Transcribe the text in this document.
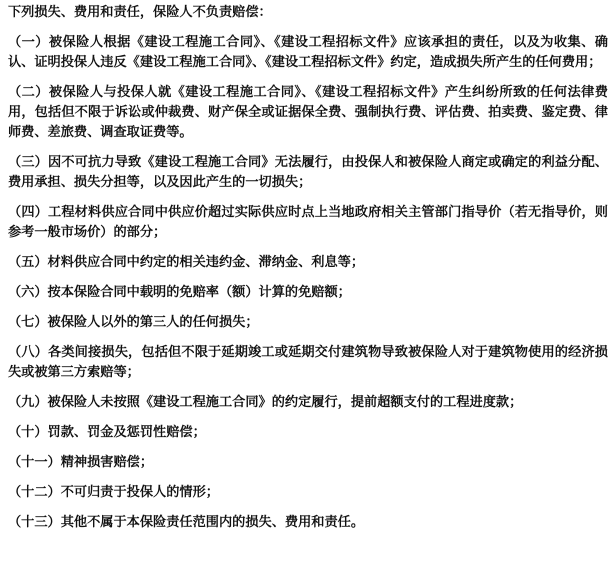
下列损失、费用和责任，保险人不负责赔偿：

（一）被保险人根据《建设工程施工合同》、《建设工程招标文件》应该承担的责任，以及为收集、确认、证明投保人违反《建设工程施工合同》、《建设工程招标文件》约定，造成损失所产生的任何费用；
（二）被保险人与投保人就《建设工程施工合同》、《建设工程招标文件》产生纠纷所致的任何法律费用，包括但不限于诉讼或仲裁费、财产保全或证据保全费、强制执行费、评估费、拍卖费、鉴定费、律师费、差旅费、调查取证费等。
（三）因不可抗力导致《建设工程施工合同》无法履行，由投保人和被保险人商定或确定的利益分配、费用承担、损失分担等，以及因此产生的一切损失；
（四）工程材料供应合同中供应价超过实际供应时点上当地政府相关主管部门指导价（若无指导价，则参考一般市场价）的部分；
（五）材料供应合同中约定的相关违约金、滞纳金、利息等；
（六）按本保险合同中载明的免赔率（额）计算的免赔额；
（七）被保险人以外的第三人的任何损失；
（八）各类间接损失，包括但不限于延期竣工或延期交付建筑物导致被保险人对于建筑物使用的经济损失或被第三方索赔等；
（九）被保险人未按照《建设工程施工合同》的约定履行，提前超额支付的工程进度款；
（十）罚款、罚金及惩罚性赔偿；
（十一）精神损害赔偿；
（十二）不可归责于投保人的情形；
（十三）其他不属于本保险责任范围内的损失、费用和责任。
